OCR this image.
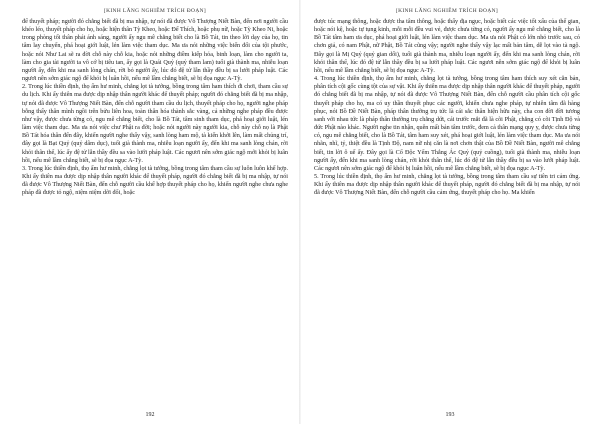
[KINH LĂNG NGHIÊM TRÍCH ĐOẠN]

để thuyết pháp; người đó chẳng biết đã bị ma nhập, tự nói đã được Vô Thượng Niết Bàn, đến nơi người cầu khéo léo, thuyết pháp cho họ, hoặc hiện thân Tỳ Kheo, hoặc Đế Thích, hoặc phụ nữ, hoặc Tỳ Kheo Ni, hoặc trong phòng tối thân phát ánh sáng, người ấy ngu mê chẳng biết cho là Bồ Tát, tin theo lời dạy của họ, tin tâm lay chuyển, phá hoại giới luật, lén làm việc tham dục. Ma ưa nói những việc biến đổi của tội phước, hoặc nói Như Lai sẽ ra đời chỗ này chỗ kia, hoặc nói những điềm kiếp hỏa, binh loạn, làm cho người ta, làm cho gia tài người ta vô cớ bị tiêu tan, ấy gọi là Quái Quỷ (quỷ tham lam) tuổi già thành ma, nhiễu loạn người ấy, đến khi ma sanh lòng chán, rời bỏ người ấy, lúc đó đệ tử lẫn thầy đều bị sa lưới pháp luật. Các ngươi nên sớm giác ngộ để khỏi bị luân hồi, nếu mê lầm chẳng biết, sẽ bị đọa ngục A-Tỳ.

2. Trong lúc thiền định, thọ ấm hư minh, chẳng lọt tà tưởng, bồng trong tâm ham thích đi chơi, tham cầu sự du lịch. Khi ấy thiên ma được dịp nhập thân người khác để thuyết pháp; người đó chẳng biết đã bị ma nhập, tự nói đã được Vô Thượng Niết Bàn, đến chỗ người tham cầu du lịch, thuyết pháp cho họ, người nghe pháp bỗng thấy thân mình ngồi trên bửu liên hoa, toàn thân hóa thành sắc vàng, cả những nghe pháp đều được như vậy, được chưa từng có, ngu mê chẳng biết, cho là Bồ Tát, tâm sinh tham dục, phá hoại giới luật, lén làm việc tham dục. Ma ưa nói việc chư Phật ra đời; hoặc nói người này người kia, chỗ này chỗ nọ là Phật Bồ Tát hóa thân đến đây, khiến người nghe thấy vậy, sanh lòng ham mộ, tà kiến khởi lên, làm mất chủng trí, đây gọi là Bạt Quỷ (quỷ dâm dục), tuổi già thành ma, nhiễu loạn người ấy, đến khi ma sanh lòng chán, rời khỏi thân thể, lúc ấy đệ tử lẫn thầy đều sa vào lưới pháp luật. Các ngươi nên sớm giác ngộ mới khỏi bị luân hồi, nếu mê lầm chẳng biết, sẽ bị đọa ngục A-Tỳ.

3. Trong lúc thiền định, thọ ấm hư minh, chẳng lọt tà tưởng, bồng trong tâm tham cầu sự luôn luôn khế hợp. Khi ấy thiên ma được dịp nhập thân người khác để thuyết pháp, người đó chẳng biết đã bị ma nhập, tự nói đã được Vô Thượng Niết Bàn, đến chỗ người cầu khế hợp thuyết pháp cho họ, khiến người nghe chưa nghe pháp đã được tỏ ngộ, niệm niệm dời đổi, hoặc

192
[KINH LĂNG NGHIÊM TRÍCH ĐOẠN]

được túc mạng thông, hoặc được tha tâm thông, hoặc thấy địa ngục, hoặc biết các việc tốt xấu của thế gian, hoặc nói kệ, hoặc tự tụng kinh, mỗi mỗi đều vui vẻ, được chưa từng có, người ấy ngu mê chẳng biết, cho là Bồ Tát tâm ham ưa dục, phá hoại giới luật, lén làm việc tham dục. Ma ưa nói Phật có lớn nhỏ trước sau, có chơn giả, có nam Phật, nữ Phật, Bồ Tát cũng vậy; người nghe thấy vậy lạc mất bản tâm, dễ lọt vào tà ngộ. Đây gọi là Mị Quỷ (quỷ gian dối), tuổi già thành ma, nhiễu loạn người ấy, đến khi ma sanh lòng chán, rời khỏi thân thể, lúc đó đệ tử lẫn thầy đều bị sa lưới pháp luật. Các ngươi nên sớm giác ngộ để khỏi bị luân hồi, nếu mê lầm chẳng biết, sẽ bị đọa ngục A-Tỳ.

4. Trong lúc thiền định, thọ ấm hư minh, chẳng lọt tà tưởng, bồng trong tâm ham thích suy xét căn bản, phân tích cội gốc cùng tột của sự vật. Khi ấy thiên ma được dịp nhập thân người khác để thuyết pháp, người đó chẳng biết đã bị ma nhập, tự nói đã được Vô Thượng Niết Bàn, đến chỗ người cầu phân tích cội gốc thuyết pháp cho họ, ma có uy thần thuyết phục các người, khiến chưa nghe pháp, tự nhiên tâm đã hàng phục, nói Bồ Đề Niết Bàn, pháp thân thường trụ tức là cái sắc thân hiện hữu này, cha con đời đời tương sanh với nhau tức là pháp thân thường trụ chẳng dứt, cái trước mắt đã là cõi Phật, chẳng có cõi Tịnh Độ và đức Phật nào khác. Người nghe tin nhận, quên mất bản tâm trước, đem cả thân mạng quy y, được chưa từng có, ngu mê chẳng biết, cho là Bồ Tát, tâm ham suy xét, phá hoại giới luật, lén làm việc tham dục. Ma ưa nói nhãn, nhĩ, tỷ, thiệt đều là Tịnh Độ, nam nữ nhị căn là nơi chơn thật của Bồ Đề Niết Bàn, người mê chẳng biết, tin lời ô uế ấy. Đây gọi là Cổ Độc Yểm Thắng Ác Quỷ (quỷ cuồng), tuổi già thành ma, nhiễu loạn người ấy, đến khi ma sanh lòng chán, rời khỏi thân thể, lúc đó đệ tử lẫn thầy đều bị sa vào lưới pháp luật. Các ngươi nên sớm giác ngộ để khỏi bị luân hồi, nếu mê lầm chẳng biết, sẽ bị đọa ngục A-Tỳ.

5. Trong lúc thiền định, thọ ấm hư minh, chẳng lọt tà tưởng, bồng trong tâm tham cầu sự tiên tri cảm ứng. Khi ấy thiên ma được dịp nhập thân người khác để thuyết pháp, người đó chẳng biết đã bị ma nhập, tự nói đã được Vô Thượng Niết Bàn, đến chỗ người cầu cảm ứng, thuyết pháp cho họ. Ma khiến

193
